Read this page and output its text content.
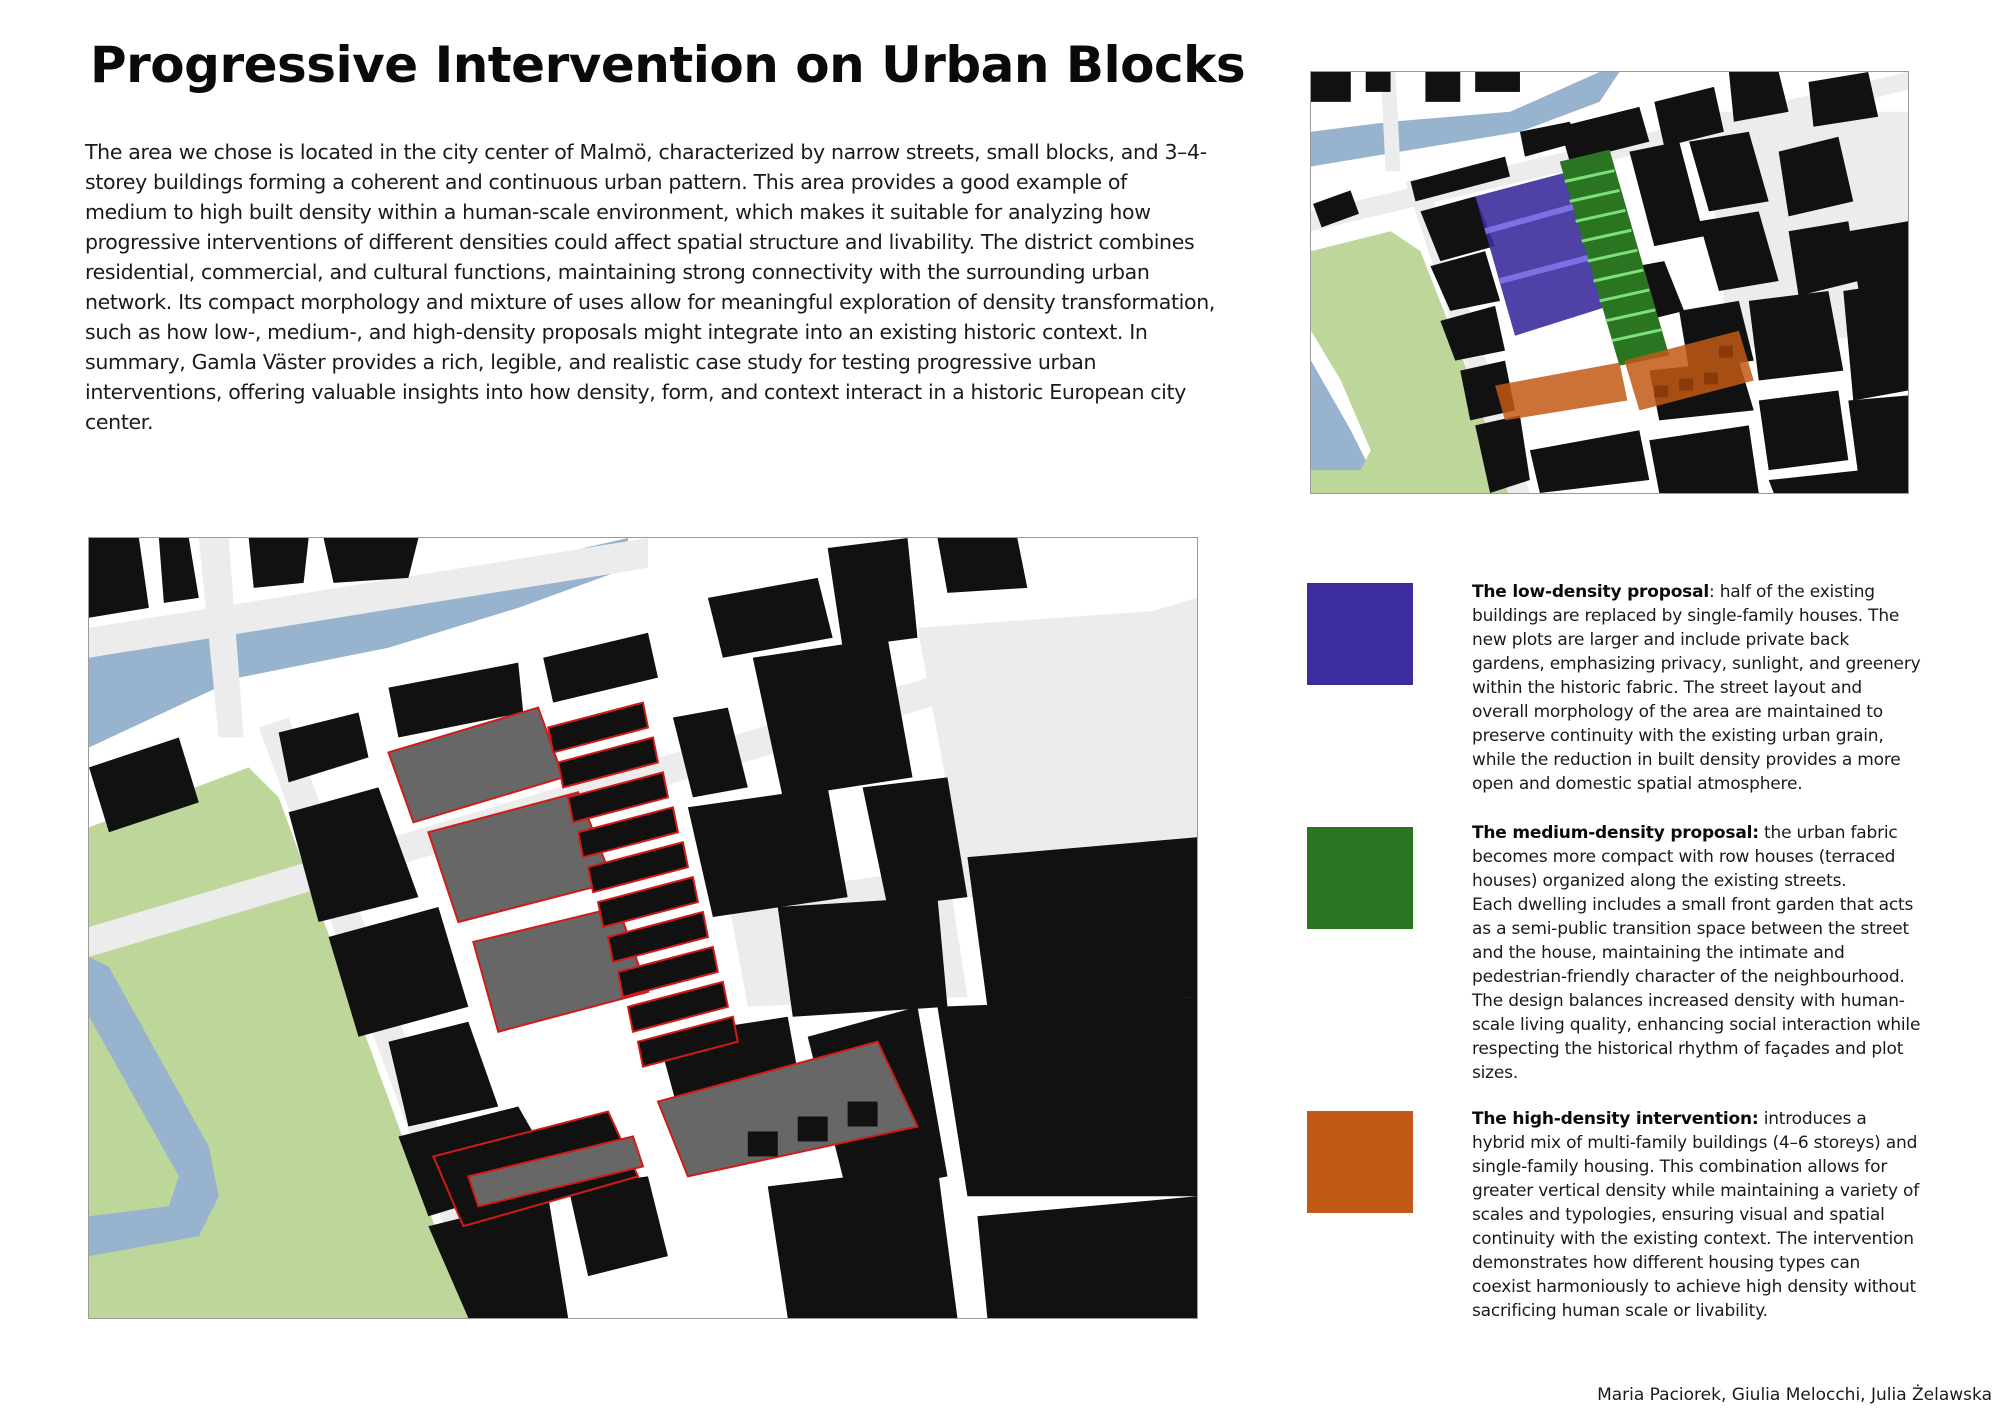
Progressive Intervention on Urban Blocks

The area we chose is located in the city center of Malmö, characterized by narrow streets, small blocks, and 3–4-storey buildings forming a coherent and continuous urban pattern. This area provides a good example of medium to high built density within a human-scale environment, which makes it suitable for analyzing how progressive interventions of different densities could affect spatial structure and livability. The district combines residential, commercial, and cultural functions, maintaining strong connectivity with the surrounding urban network. Its compact morphology and mixture of uses allow for meaningful exploration of density transformation, such as how low-, medium-, and high-density proposals might integrate into an existing historic context. In summary, Gamla Väster provides a rich, legible, and realistic case study for testing progressive urban interventions, offering valuable insights into how density, form, and context interact in a historic European city center.

The low-density proposal: half of the existing buildings are replaced by single-family houses. The new plots are larger and include private back gardens, emphasizing privacy, sunlight, and greenery within the historic fabric. The street layout and overall morphology of the area are maintained to preserve continuity with the existing urban grain, while the reduction in built density provides a more open and domestic spatial atmosphere.

The medium-density proposal: the urban fabric becomes more compact with row houses (terraced houses) organized along the existing streets.
Each dwelling includes a small front garden that acts as a semi-public transition space between the street and the house, maintaining the intimate and pedestrian-friendly character of the neighbourhood. The design balances increased density with human-scale living quality, enhancing social interaction while respecting the historical rhythm of façades and plot sizes.

The high-density intervention: introduces a hybrid mix of multi-family buildings (4–6 storeys) and single-family housing. This combination allows for greater vertical density while maintaining a variety of scales and typologies, ensuring visual and spatial continuity with the existing context. The intervention demonstrates how different housing types can coexist harmoniously to achieve high density without sacrificing human scale or livability.

Maria Paciorek, Giulia Melocchi, Julia Żelawska
